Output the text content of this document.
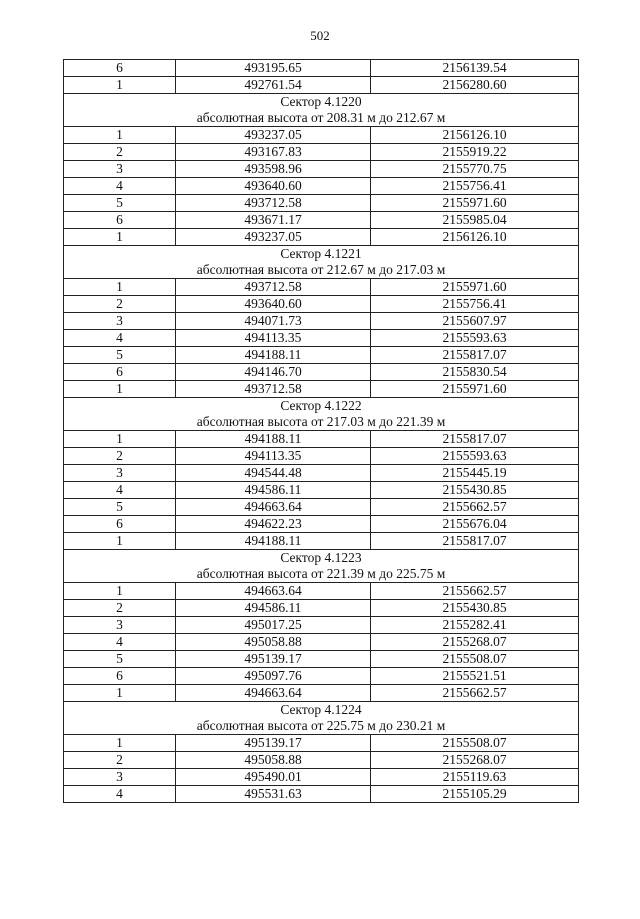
502
6	493195.65	2156139.54
1	492761.54	2156280.60
Сектор 4.1220		
абсолютная высота от 208.31 м до 212.67 м		
1	493237.05	2156126.10
2	493167.83	2155919.22
3	493598.96	2155770.75
4	493640.60	2155756.41
5	493712.58	2155971.60
6	493671.17	2155985.04
1	493237.05	2156126.10
Сектор 4.1221		
абсолютная высота от 212.67 м до 217.03 м		
1	493712.58	2155971.60
2	493640.60	2155756.41
3	494071.73	2155607.97
4	494113.35	2155593.63
5	494188.11	2155817.07
6	494146.70	2155830.54
1	493712.58	2155971.60
Сектор 4.1222		
абсолютная высота от 217.03 м до 221.39 м		
1	494188.11	2155817.07
2	494113.35	2155593.63
3	494544.48	2155445.19
4	494586.11	2155430.85
5	494663.64	2155662.57
6	494622.23	2155676.04
1	494188.11	2155817.07
Сектор 4.1223		
абсолютная высота от 221.39 м до 225.75 м		
1	494663.64	2155662.57
2	494586.11	2155430.85
3	495017.25	2155282.41
4	495058.88	2155268.07
5	495139.17	2155508.07
6	495097.76	2155521.51
1	494663.64	2155662.57
Сектор 4.1224		
абсолютная высота от 225.75 м до 230.21 м		
1	495139.17	2155508.07
2	495058.88	2155268.07
3	495490.01	2155119.63
4	495531.63	2155105.29
